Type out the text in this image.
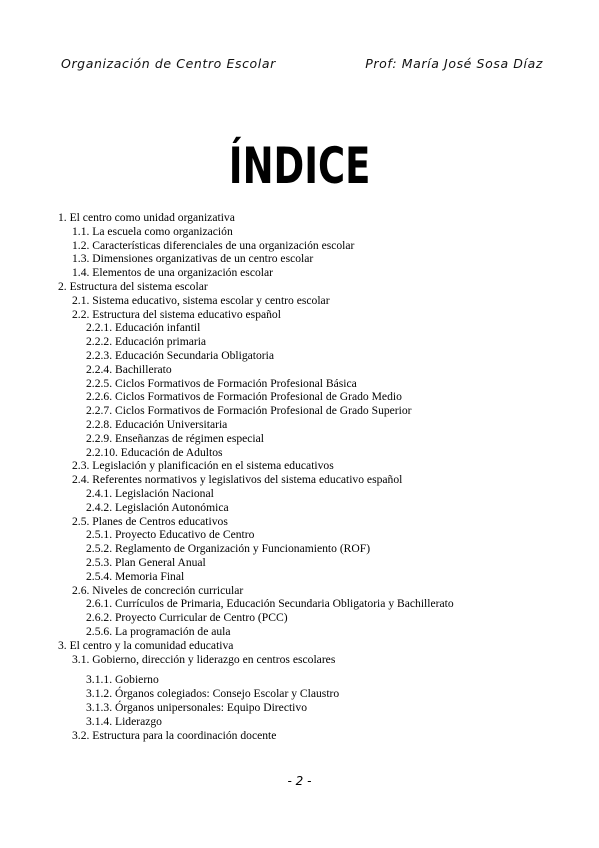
Organización de Centro Escolar	Prof: María José Sosa Díaz
ÍNDICE
1. El centro como unidad organizativa
1.1. La escuela como organización
1.2. Características diferenciales de una organización escolar
1.3. Dimensiones organizativas de un centro escolar
1.4. Elementos de una organización escolar
2. Estructura del sistema escolar
2.1. Sistema educativo, sistema escolar y centro escolar
2.2. Estructura del sistema educativo español
2.2.1. Educación infantil
2.2.2. Educación primaria
2.2.3. Educación Secundaria Obligatoria
2.2.4. Bachillerato
2.2.5. Ciclos Formativos de Formación Profesional Básica
2.2.6. Ciclos Formativos de Formación Profesional de Grado Medio
2.2.7. Ciclos Formativos de Formación Profesional de Grado Superior
2.2.8. Educación Universitaria
2.2.9. Enseñanzas de régimen especial
2.2.10. Educación de Adultos
2.3. Legislación y planificación en el sistema educativos
2.4. Referentes normativos y legislativos del sistema educativo español
2.4.1. Legislación Nacional
2.4.2. Legislación Autonómica
2.5. Planes de Centros educativos
2.5.1. Proyecto Educativo de Centro
2.5.2. Reglamento de Organización y Funcionamiento (ROF)
2.5.3. Plan General Anual
2.5.4. Memoria Final
2.6. Niveles de concreción curricular
2.6.1. Currículos de Primaria, Educación Secundaria Obligatoria y Bachillerato
2.6.2. Proyecto Curricular de Centro (PCC)
2.5.6. La programación de aula
3. El centro y la comunidad educativa
3.1. Gobierno, dirección y liderazgo en centros escolares
3.1.1. Gobierno
3.1.2. Órganos colegiados: Consejo Escolar y Claustro
3.1.3. Órganos unipersonales: Equipo Directivo
3.1.4. Liderazgo
3.2. Estructura para la coordinación docente
- 2 -
